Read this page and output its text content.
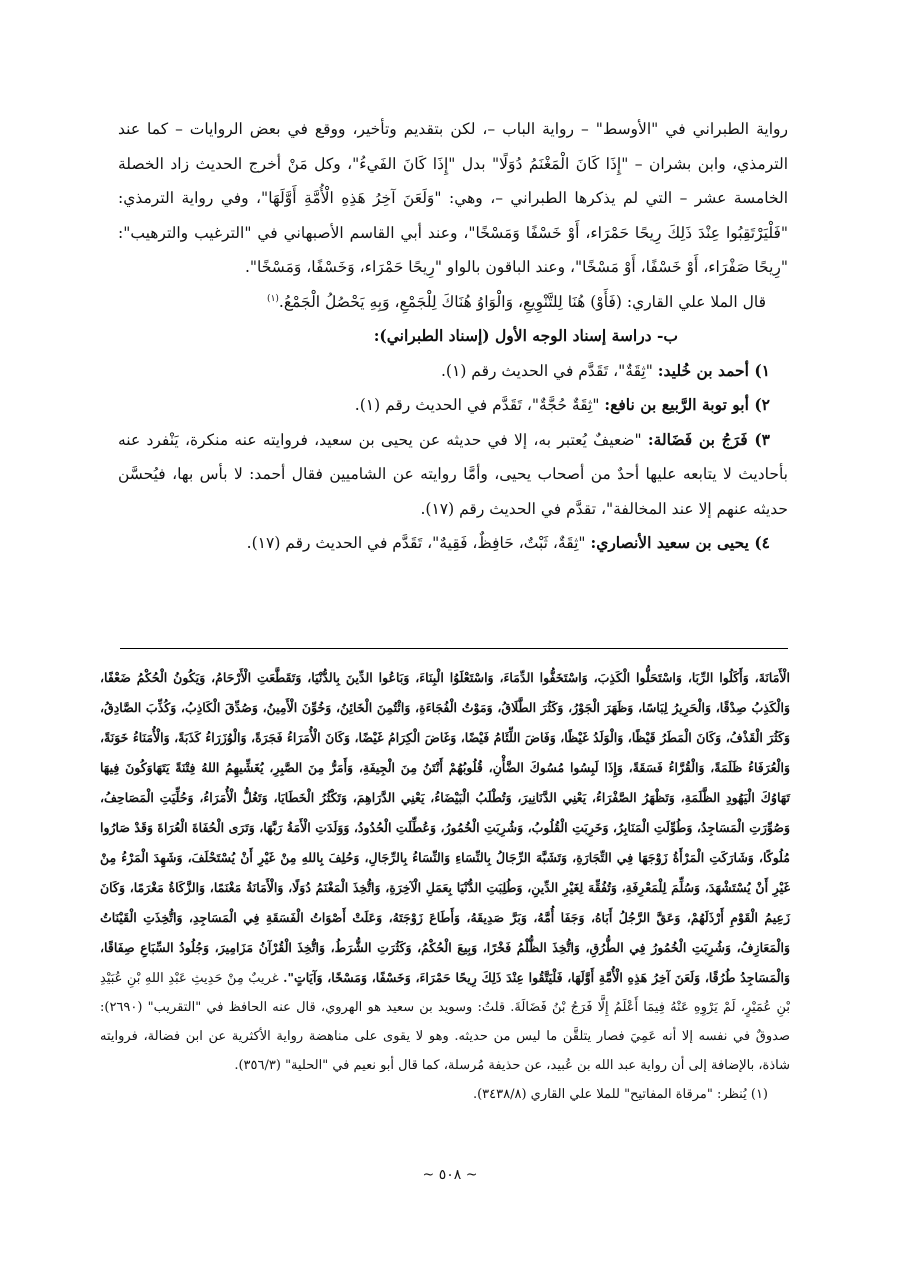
رواية الطبراني في "الأوسط" – رواية الباب –، لكن بتقديم وتأخير، ووقع في بعض الروايات – كما عند الترمذي، وابن بشران – "إِذَا كَانَ الْمَغْنَمُ دُوَلًا" بدل "إِذَا كَانَ الفَيءُ"، وكل مَنْ أخرج الحديث زاد الخصلة الخامسة عشر – التي لم يذكرها الطبراني –، وهي: "وَلَعَنَ آخِرُ هَذِهِ الْأُمَّةِ أَوَّلَهَا"، وفي رواية الترمذي: "فَلْيَرْتَقِبُوا عِنْدَ ذَلِكَ رِيحًا حَمْرَاء، أَوْ خَسْفًا وَمَسْخًا"، وعند أبي القاسم الأصبهاني في "الترغيب والترهيب": "رِيحًا صَفْرَاء، أَوْ خَسْفًا، أَوْ مَسْخًا"، وعند الباقون بالواو "رِيحًا حَمْرَاء، وَخَسْفًا، وَمَسْخًا".

قال الملا علي القاري: (فَأَوْ) هُنَا لِلتَّنْوِيعِ، وَالْوَاوُ هُنَاكَ لِلْجَمْعِ، وَبِهِ يَحْصُلُ الْجَمْعُ.$^{(١)}$

ب- دراسة إسناد الوجه الأول (إسناد الطبراني):

١) أحمد بن خُليد: "ثِقَةٌ"، تَقَدَّم في الحديث رقم (١).

٢) أبو توبة الرَّبيع بن نافع: "ثِقَةٌ حُجَّةٌ"، تَقَدَّم في الحديث رقم (١).

٣) فَرَجُ بن فَضَالة: "ضعيفٌ يُعتبر به، إلا في حديثه عن يحيى بن سعيد، فروايته عنه منكرة، يَنْفرد عنه بأحاديث لا يتابعه عليها أحدٌ من أصحاب يحيى، وأمَّا روايته عن الشاميين فقال أحمد: لا بأس بها، فيُحسَّن حديثه عنهم إلا عند المخالفة"، تقدَّم في الحديث رقم (١٧).

٤) يحيى بن سعيد الأنصاري: "ثِقَةٌ، ثَبْتٌ، حَافِظٌ، فَقِيهٌ"، تَقَدَّم في الحديث رقم (١٧).

الْأَمَانَةَ، وَأَكَلُوا الرِّبَا، وَاسْتَحَلُّوا الْكَذِبَ، وَاسْتَخَفُّوا الدِّمَاءَ، وَاسْتَعْلَوُا الْبِنَاءَ، وَبَاعُوا الدِّينَ بِالدُّنْيَا، وَتَقَطَّعَتِ الْأَرْحَامُ، وَيَكُونُ الْحُكْمُ ضَعْفًا، وَالْكَذِبُ صِدْقًا، وَالْحَرِيرُ لِبَاسًا، وَظَهَرَ الْجَوْرُ، وَكَثُرَ الطَّلَاقُ، وَمَوْتُ الْفُجَاءَةِ، وَائْتُمِنَ الْخَائِنُ، وَخُوِّنَ الْأَمِينُ، وَصُدِّقَ الْكَاذِبُ، وَكُذِّبَ الصَّادِقُ، وَكَثُرَ الْقَذْفُ، وَكَانَ الْمَطَرُ قَيْظًا، وَالْوَلَدُ غَيْظًا، وَفَاضَ اللِّئَامُ فَيْضًا، وَغَاضَ الْكِرَامُ غَيْضًا، وَكَانَ الْأُمَرَاءُ فَجَرَةً، وَالْوُزَرَاءُ كَذَبَةً، وَالْأُمَنَاءُ خَوَنَةً، وَالْعُرَفَاءُ ظَلَمَةً، وَالْقُرَّاءُ فَسَقَةً، وَإِذَا لَبِسُوا مُسُوكَ الضَّأْنِ، قُلُوبُهُمْ أَنْتَنُ مِنَ الْجِيفَةِ، وَأَمَرُّ مِنَ الصَّبِرِ، يُغَشِّيهِمُ اللهُ فِتْنَةً يَتَهَاوَكُونَ فِيهَا تَهَاوُكَ الْيَهُودِ الظَّلَمَةِ، وَتَظْهَرُ الصَّفْرَاءُ، يَعْنِي الدَّنَانِيرَ، وَتُطْلَبُ الْبَيْضَاءُ، يَعْنِي الدَّرَاهِمَ، وَتَكْثُرُ الْخَطَايَا، وَتَغُلُّ الْأُمَرَاءُ، وَحُلِّيَتِ الْمَصَاحِفُ، وَصُوِّرَتِ الْمَسَاجِدُ، وَطُوِّلَتِ الْمَنَابِرُ، وَخَرِبَتِ الْقُلُوبُ، وَشُرِبَتِ الْخُمُورُ، وَعُطِّلَتِ الْحُدُودُ، وَوَلَدَتِ الْأَمَةُ رَبَّهَا، وَتَرَى الْحُفَاةَ الْعُرَاةَ وَقَدْ صَارُوا مُلُوكًا، وَشَارَكَتِ الْمَرْأَةُ زَوْجَهَا فِي التِّجَارَةِ، وَتَشَبَّهَ الرِّجَالُ بِالنِّسَاءِ وَالنِّسَاءُ بِالرِّجَالِ، وَحُلِفَ بِاللهِ مِنْ غَيْرِ أَنْ يُسْتَحْلَفَ، وَشَهِدَ الْمَرْءُ مِنْ غَيْرِ أَنْ يُسْتَشْهَدَ، وَسُلِّمَ لِلْمَعْرِفَةِ، وَتُفُقِّهَ لِغَيْرِ الدِّينِ، وَطُلِبَتِ الدُّنْيَا بِعَمَلِ الْآخِرَةِ، وَاتُّخِذَ الْمَغْنَمُ دُوَلًا، وَالْأَمَانَةُ مَغْنَمًا، وَالزَّكَاةُ مَغْرَمًا، وَكَانَ زَعِيمُ الْقَوْمِ أَرْذَلَهُمْ، وَعَقَّ الرَّجُلُ أَبَاهُ، وَجَفَا أُمَّهُ، وَبَرَّ صَدِيقَهُ، وَأَطَاعَ زَوْجَتَهُ، وَعَلَتْ أَصْوَاتُ الْفَسَقَةِ فِي الْمَسَاجِدِ، وَاتُّخِذَتِ الْقَيْنَاتُ وَالْمَعَازِفُ، وَشُرِبَتِ الْخُمُورُ فِي الطُّرُقِ، وَاتُّخِذَ الظُّلْمُ فَخْرًا، وَبِيعَ الْحُكْمُ، وَكَثُرَتِ الشُّرَطُ، وَاتُّخِذَ الْقُرْآنُ مَزَامِيرَ، وَجُلُودُ السِّبَاعِ صِفَاقًا، وَالْمَسَاجِدُ طُرُقًا، وَلَعَنَ آخِرُ هَذِهِ الْأُمَّةِ أَوَّلَهَا، فَلْيَتَّقُوا عِنْدَ ذَلِكَ رِيحًا حَمْرَاءَ، وَخَسْفًا، وَمَسْخًا، وَآيَاتٍ". غريبٌ مِنْ حَدِيثِ عَبْدِ اللهِ بْنِ عُبَيْدِ بْنِ عُمَيْرٍ، لَمْ يَرْوِهِ عَنْهُ فِيمَا أَعْلَمُ إِلَّا فَرَجُ بْنُ فَضَالَةَ. قلتُ: وسويد بن سعيد هو الهروي، قال عنه الحافظ في "التقريب" (٢٦٩٠): صدوقٌ في نفسه إلا أنه عَمِيَ فصار يتلقَّن ما ليس من حديثه. وهو لا يقوى على مناهضة رواية الأكثرية عن ابن فضالة، فروايته شاذة، بالإضافة إلى أن رواية عبد الله بن عُبيد، عن حذيفة مُرسلة، كما قال أبو نعيم في "الحلية" (٣٥٦/٣).

(١) يُنظر: "مرقاة المفاتيح" للملا علي القاري (٣٤٣٨/٨).

~ ٥٠٨ ~
